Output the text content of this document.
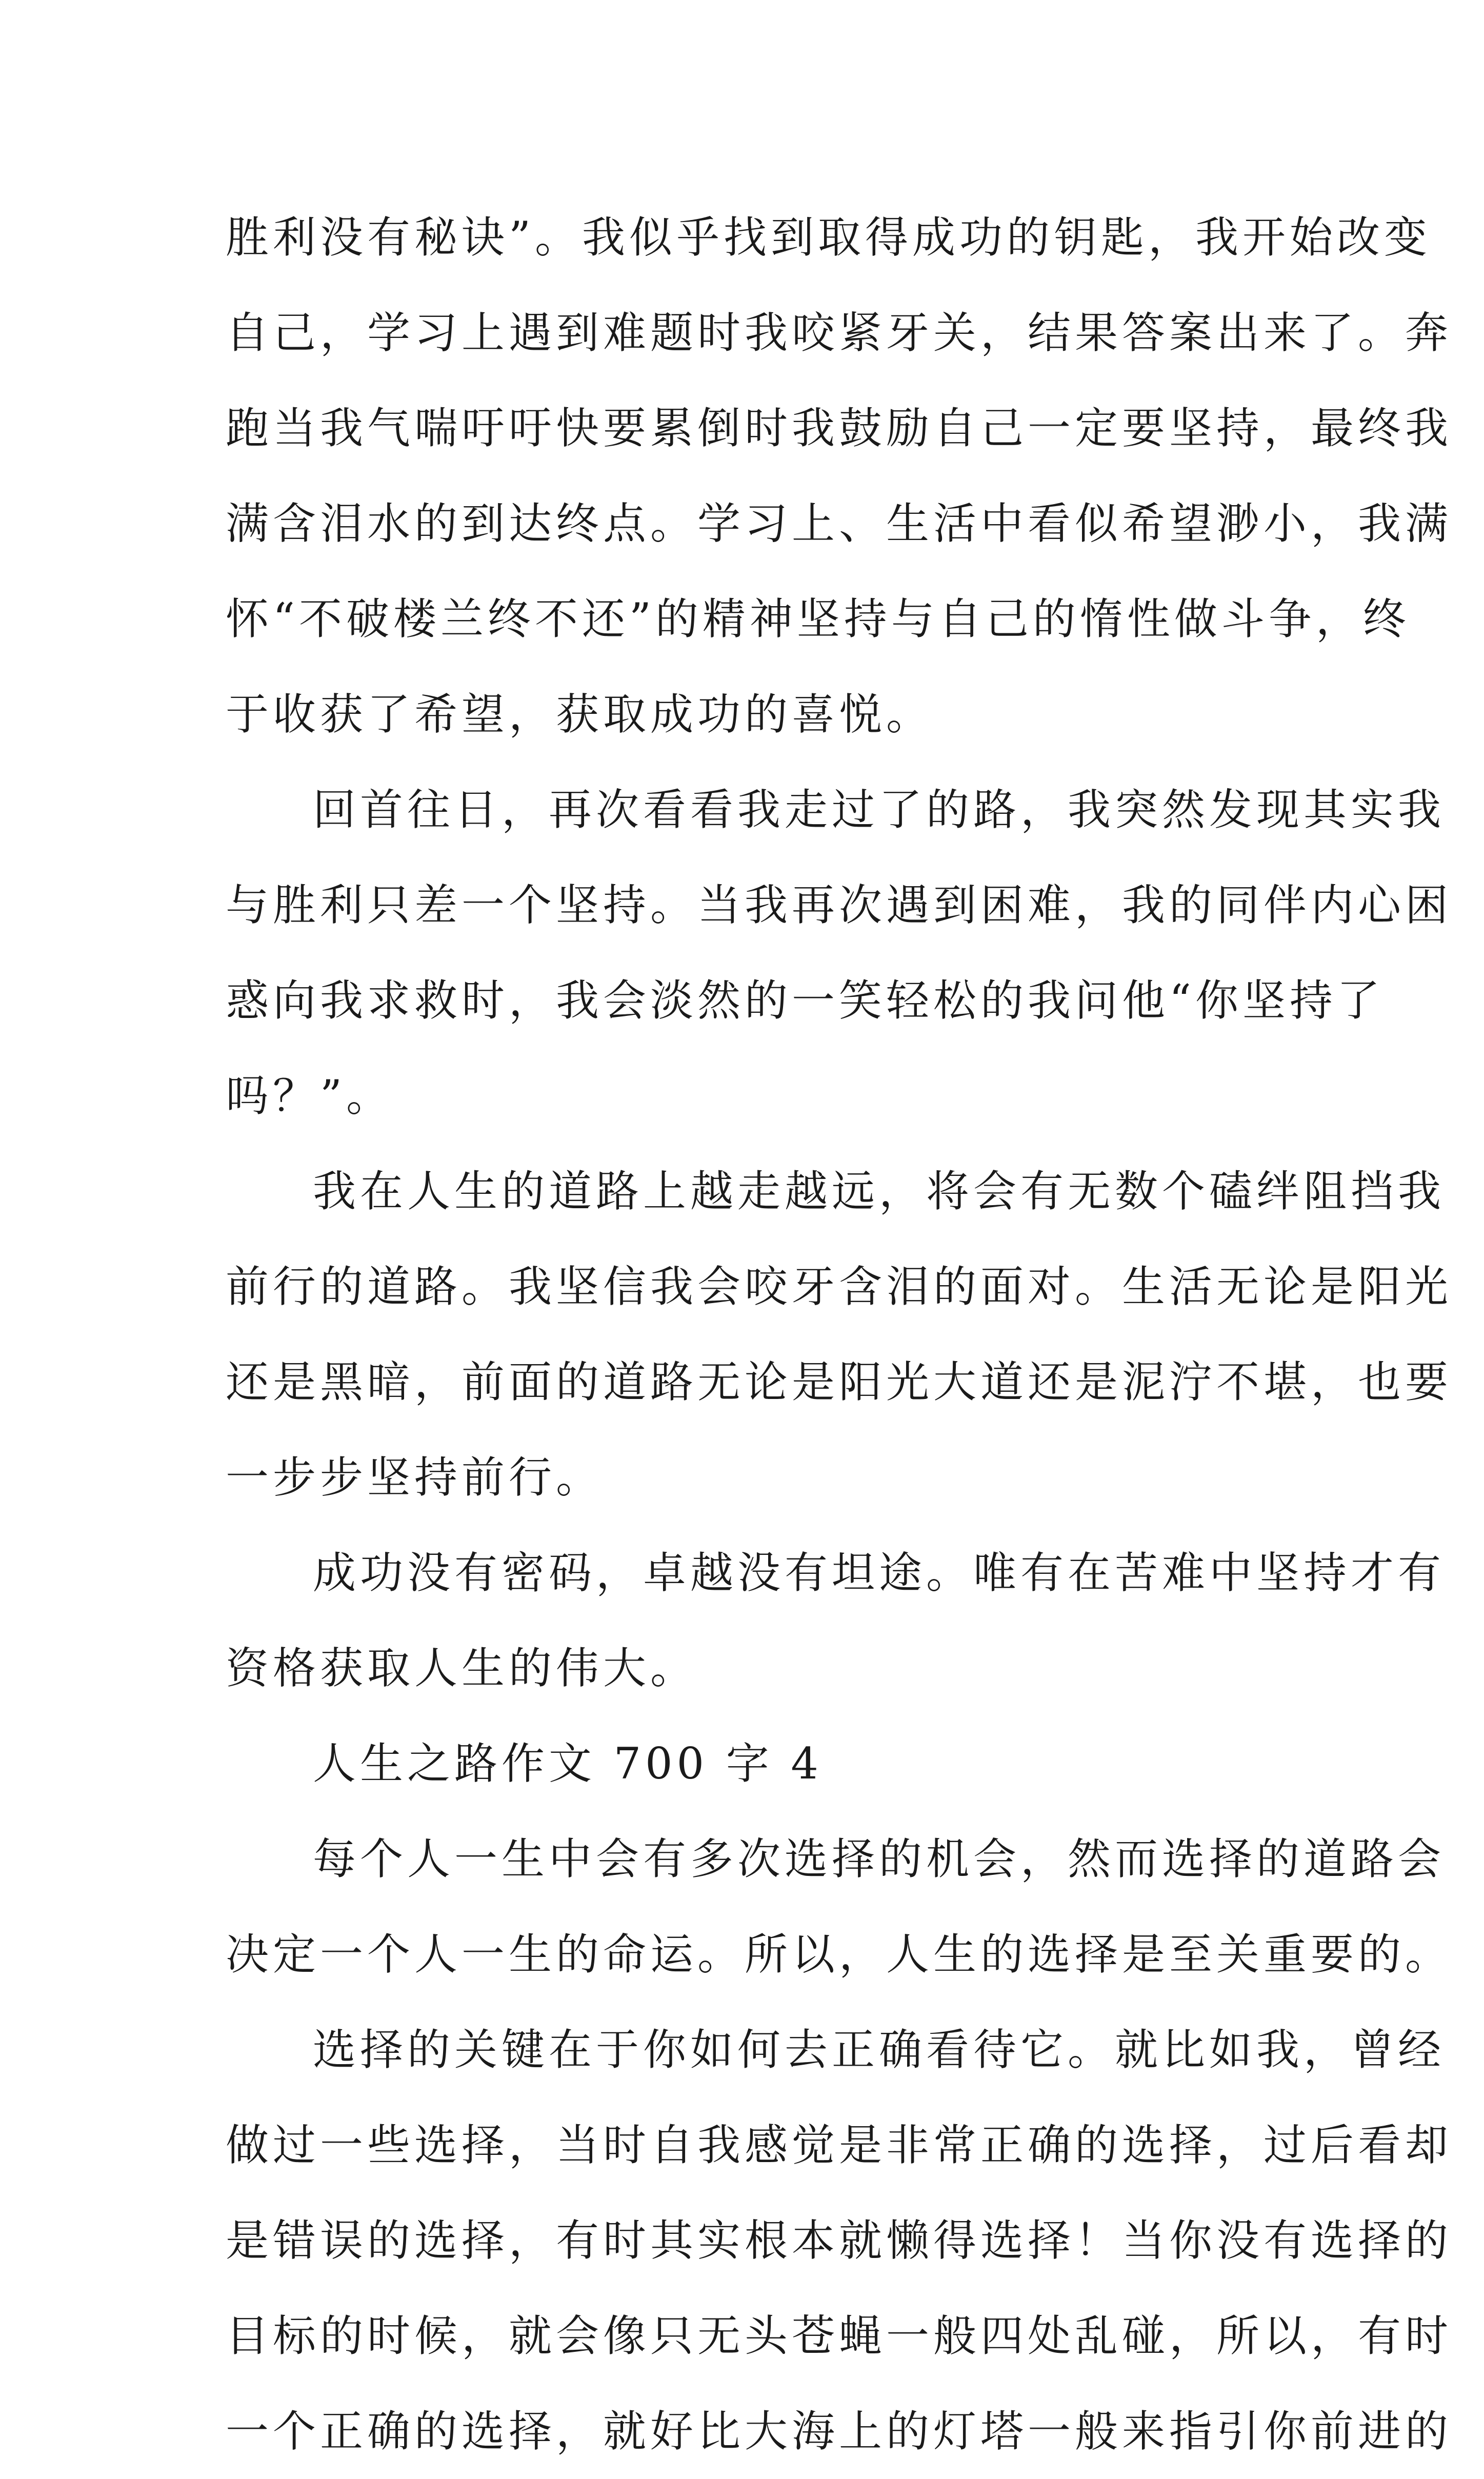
胜利没有秘诀”。我似乎找到取得成功的钥匙，我开始改变
自己，学习上遇到难题时我咬紧牙关，结果答案出来了。奔
跑当我气喘吁吁快要累倒时我鼓励自己一定要坚持，最终我
满含泪水的到达终点。学习上、生活中看似希望渺小，我满
怀“不破楼兰终不还”的精神坚持与自己的惰性做斗争，终
于收获了希望，获取成功的喜悦。
回首往日，再次看看我走过了的路，我突然发现其实我
与胜利只差一个坚持。当我再次遇到困难，我的同伴内心困
惑向我求救时，我会淡然的一笑轻松的我问他“你坚持了
吗？”。
我在人生的道路上越走越远，将会有无数个磕绊阻挡我
前行的道路。我坚信我会咬牙含泪的面对。生活无论是阳光
还是黑暗，前面的道路无论是阳光大道还是泥泞不堪，也要
一步步坚持前行。
成功没有密码，卓越没有坦途。唯有在苦难中坚持才有
资格获取人生的伟大。
人生之路作文 700 字 4
每个人一生中会有多次选择的机会，然而选择的道路会
决定一个人一生的命运。所以，人生的选择是至关重要的。
选择的关键在于你如何去正确看待它。就比如我，曾经
做过一些选择，当时自我感觉是非常正确的选择，过后看却
是错误的选择，有时其实根本就懒得选择！当你没有选择的
目标的时候，就会像只无头苍蝇一般四处乱碰，所以，有时
一个正确的选择，就好比大海上的灯塔一般来指引你前进的
